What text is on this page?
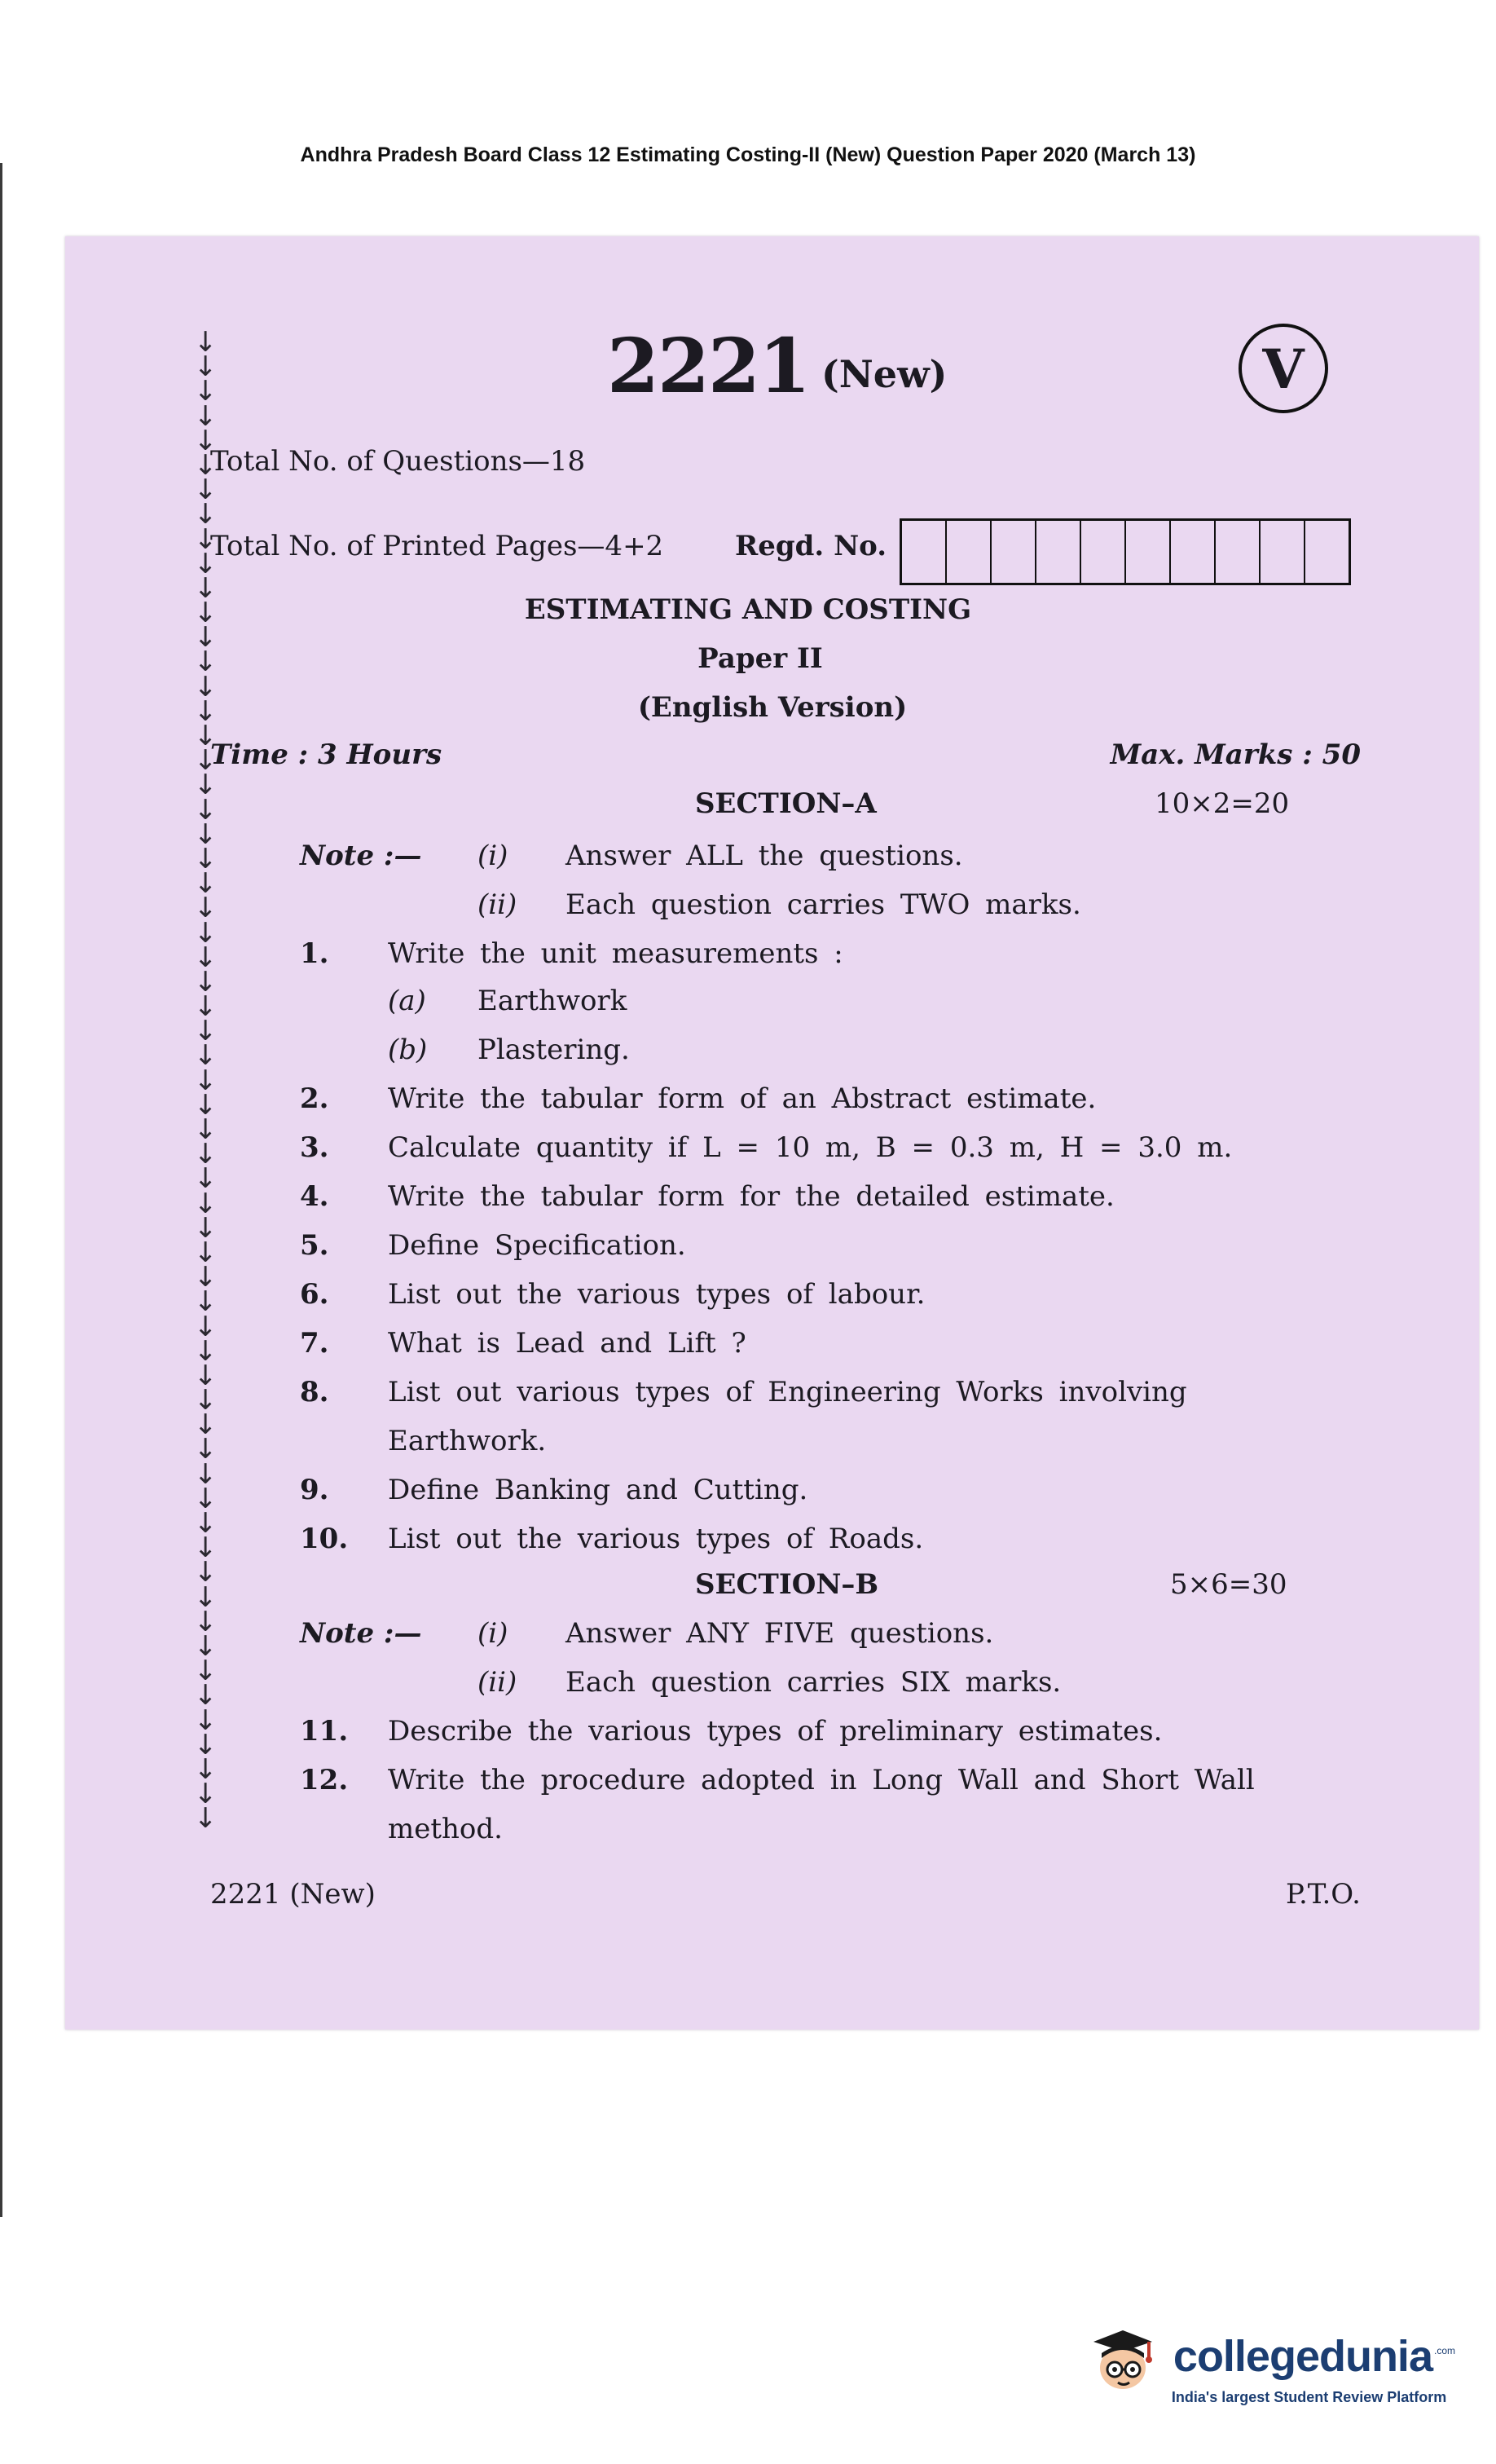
Andhra Pradesh Board Class 12 Estimating Costing-II (New) Question Paper 2020 (March 13)
↓
↓
↓
↓
↓
↓
↓
↓
↓
↓
↓
↓
↓
↓
↓
↓
↓
↓
↓
↓
↓
↓
↓
↓
↓
↓
↓
↓
↓
↓
↓
↓
↓
↓
↓
↓
↓
↓
↓
↓
↓
↓
↓
↓
↓
↓
↓
↓
↓
↓
↓
↓
↓
↓
↓
↓
↓
↓
↓
↓
↓
2221 (New)	V
Total No. of Questions—18
Total No. of Printed Pages—4+2	Regd. No.
ESTIMATING AND COSTING
Paper II
(English Version)
Time : 3 Hours	Max. Marks : 50
SECTION–A	10×2=20
Note :— (i) Answer ALL the questions.
(ii) Each question carries TWO marks.
1. Write the unit measurements :
(a) Earthwork
(b) Plastering.
2. Write the tabular form of an Abstract estimate.
3. Calculate quantity if L = 10 m, B = 0.3 m, H = 3.0 m.
4. Write the tabular form for the detailed estimate.
5. Define Specification.
6. List out the various types of labour.
7. What is Lead and Lift ?
8. List out various types of Engineering Works involving
Earthwork.
9. Define Banking and Cutting.
10. List out the various types of Roads.
SECTION–B	5×6=30
Note :— (i) Answer ANY FIVE questions.
(ii) Each question carries SIX marks.
11. Describe the various types of preliminary estimates.
12. Write the procedure adopted in Long Wall and Short Wall
method.
2221 (New)	P.T.O.
collegedunia .com
India's largest Student Review Platform
